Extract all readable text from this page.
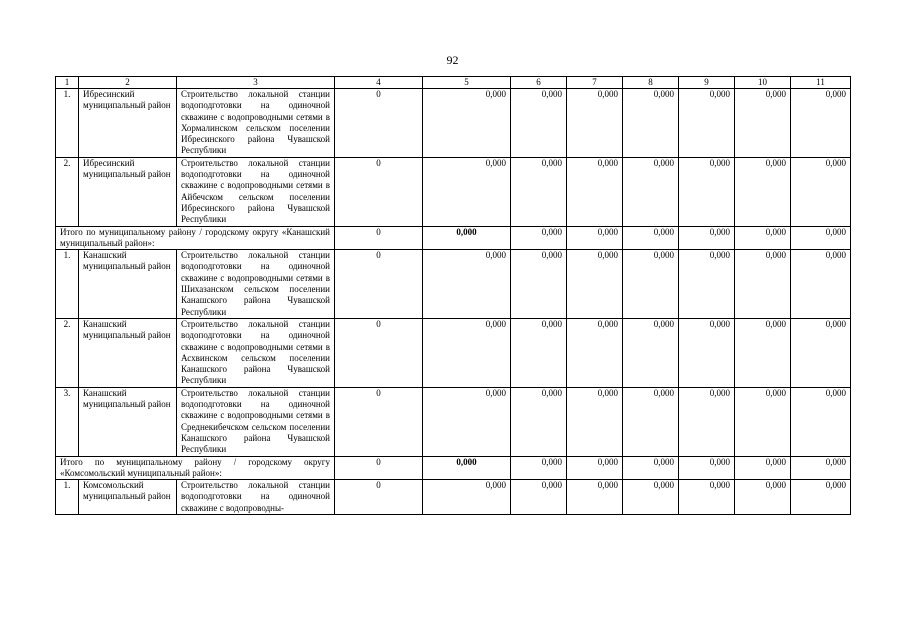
92
1	2	3	4	5	6	7	8	9	10	11
1.	Ибресинский муниципальный район	Строительство локальной станции водоподготовки на одиночной скважине с водопроводными сетями в Хормалинском сельском поселении Ибресинского района Чувашской Республики	0	0,000	0,000	0,000	0,000	0,000	0,000	0,000
2.	Ибресинский муниципальный район	Строительство локальной станции водоподготовки на одиночной скважине с водопроводными сетями в Айбечском сельском поселении Ибресинского района Чувашской Республики	0	0,000	0,000	0,000	0,000	0,000	0,000	0,000
Итого по муниципальному району / городскому округу «Канашский муниципальный район»:			0	0,000	0,000	0,000	0,000	0,000	0,000	0,000
1.	Канашский муниципальный район	Строительство локальной станции водоподготовки на одиночной скважине с водопроводными сетями в Шихазанском сельском поселении Канашского района Чувашской Республики	0	0,000	0,000	0,000	0,000	0,000	0,000	0,000
2.	Канашский муниципальный район	Строительство локальной станции водоподготовки на одиночной скважине с водопроводными сетями в Асхвинском сельском поселении Канашского района Чувашской Республики	0	0,000	0,000	0,000	0,000	0,000	0,000	0,000
3.	Канашский муниципальный район	Строительство локальной станции водоподготовки на одиночной скважине с водопроводными сетями в Среднекибечском сельском поселении Канашского района Чувашской Республики	0	0,000	0,000	0,000	0,000	0,000	0,000	0,000
Итого по муниципальному району / городскому округу «Комсомольский муниципальный район»:			0	0,000	0,000	0,000	0,000	0,000	0,000	0,000
1.	Комсомольский муниципальный район	Строительство локальной станции водоподготовки на одиночной скважине с водопроводны-	0	0,000	0,000	0,000	0,000	0,000	0,000	0,000
